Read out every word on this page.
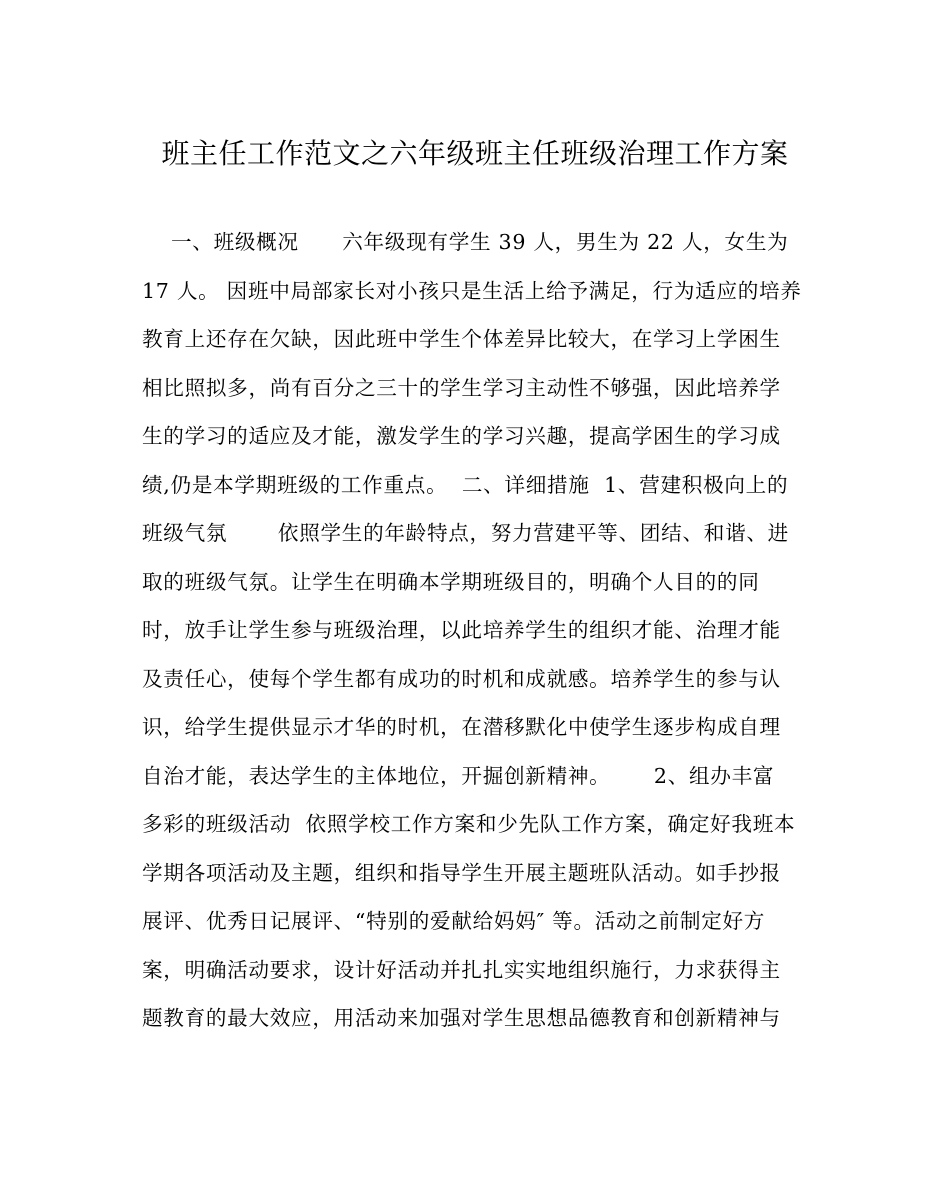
班主任工作范文之六年级班主任班级治理工作方案
一、班级概况      六年级现有学生 39 人，男生为 22 人，女生为
17 人。 因班中局部家长对小孩只是生活上给予满足，行为适应的培养
教育上还存在欠缺，因此班中学生个体差异比较大，在学习上学困生
相比照拟多，尚有百分之三十的学生学习主动性不够强，因此培养学
生的学习的适应及才能，激发学生的学习兴趣，提高学困生的学习成
绩,仍是本学期班级的工作重点。  二、详细措施  1、营建积极向上的
班级气氛       依照学生的年龄特点，努力营建平等、团结、和谐、进
取的班级气氛。让学生在明确本学期班级目的，明确个人目的的同
时，放手让学生参与班级治理，以此培养学生的组织才能、治理才能
及责任心，使每个学生都有成功的时机和成就感。培养学生的参与认
识，给学生提供显示才华的时机，在潜移默化中使学生逐步构成自理
自治才能，表达学生的主体地位，开掘创新精神。      2、组办丰富
多彩的班级活动  依照学校工作方案和少先队工作方案，确定好我班本
学期各项活动及主题，组织和指导学生开展主题班队活动。如手抄报
展评、优秀日记展评、“特别的爱献给妈妈″ 等。活动之前制定好方
案，明确活动要求，设计好活动并扎扎实实地组织施行，力求获得主
题教育的最大效应，用活动来加强对学生思想品德教育和创新精神与
